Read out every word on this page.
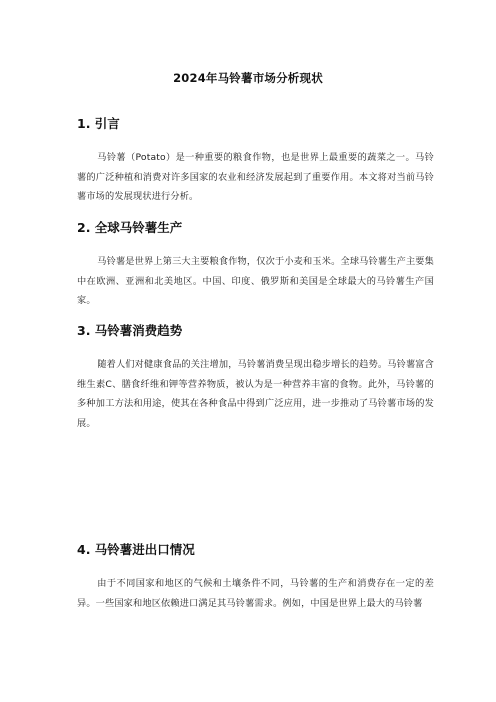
2024年马铃薯市场分析现状
1. 引言

马铃薯（Potato）是一种重要的粮食作物，也是世界上最重要的蔬菜之一。马铃薯的广泛种植和消费对许多国家的农业和经济发展起到了重要作用。本文将对当前马铃薯市场的发展现状进行分析。

2. 全球马铃薯生产

马铃薯是世界上第三大主要粮食作物，仅次于小麦和玉米。全球马铃薯生产主要集中在欧洲、亚洲和北美地区。中国、印度、俄罗斯和美国是全球最大的马铃薯生产国家。

3. 马铃薯消费趋势

随着人们对健康食品的关注增加，马铃薯消费呈现出稳步增长的趋势。马铃薯富含维生素C、膳食纤维和钾等营养物质，被认为是一种营养丰富的食物。此外，马铃薯的多种加工方法和用途，使其在各种食品中得到广泛应用，进一步推动了马铃薯市场的发展。

4. 马铃薯进出口情况

由于不同国家和地区的气候和土壤条件不同，马铃薯的生产和消费存在一定的差异。一些国家和地区依赖进口满足其马铃薯需求。例如，中国是世界上最大的马铃薯
